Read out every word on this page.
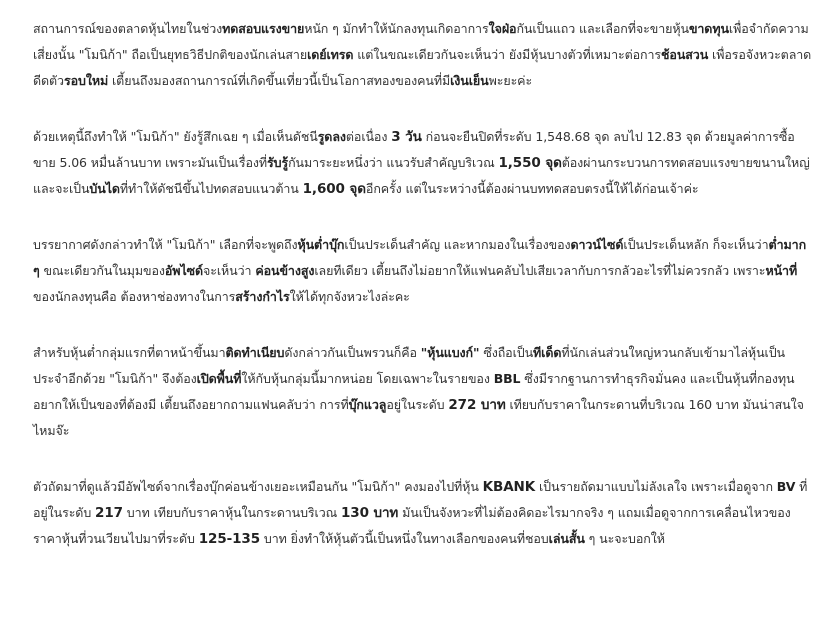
สถานการณ์ของตลาดหุ้นไทยในช่วงทดสอบแรงขายหนัก ๆ มักทำให้นักลงทุนเกิดอาการใจฝ่อกันเป็นแถว และเลือกที่จะขายหุ้นขาดทุนเพื่อจำกัดความเสี่ยงนั้น "โมนิก้า" ถือเป็นยุทธวิธีปกติของนักเล่นสายเดย์เทรด แต่ในขณะเดียวกันจะเห็นว่า ยังมีหุ้นบางตัวที่เหมาะต่อการช้อนสวน เพื่อรอจังหวะตลาดดีดตัวรอบใหม่ เตี้ยนถึงมองสถานการณ์ที่เกิดขึ้นเที่ยวนี้เป็นโอกาสทองของคนที่มีเงินเย็นพะยะค่ะ

ด้วยเหตุนี้ถึงทำให้ "โมนิก้า" ยังรู้สึกเฉย ๆ เมื่อเห็นดัชนีรูดลงต่อเนื่อง 3 วัน ก่อนจะยืนปิดที่ระดับ 1,548.68 จุด ลบไป 12.83 จุด ด้วยมูลค่าการซื้อขาย 5.06 หมื่นล้านบาท เพราะมันเป็นเรื่องที่รับรู้กันมาระยะหนึ่งว่า แนวรับสำคัญบริเวณ 1,550 จุดต้องผ่านกระบวนการทดสอบแรงขายขนานใหญ่ และจะเป็นบันไดที่ทำให้ดัชนีขึ้นไปทดสอบแนวต้าน 1,600 จุดอีกครั้ง แต่ในระหว่างนี้ต้องผ่านบททดสอบตรงนี้ให้ได้ก่อนเจ้าค่ะ

บรรยากาศดังกล่าวทำให้ "โมนิก้า" เลือกที่จะพูดถึงหุ้นต่ำบุ๊กเป็นประเด็นสำคัญ และหากมองในเรื่องของดาวน์ไซด์เป็นประเด็นหลัก ก็จะเห็นว่าต่ำมาก ๆ ขณะเดียวกันในมุมของอัพไซด์จะเห็นว่า ค่อนข้างสูงเลยทีเดียว เตี้ยนถึงไม่อยากให้แฟนคลับไปเสียเวลากับการกลัวอะไรที่ไม่ควรกลัว เพราะหน้าที่ของนักลงทุนคือ ต้องหาช่องทางในการสร้างกำไรให้ได้ทุกจังหวะไงล่ะคะ

สำหรับหุ้นต่ำกลุ่มแรกที่ตาหน้าขึ้นมาติดทำเนียบดังกล่าวกันเป็นพรวนก็คือ "หุ้นแบงก์" ซึ่งถือเป็นทีเด็ดที่นักเล่นส่วนใหญ่หวนกลับเข้ามาไล่หุ้นเป็นประจำอีกด้วย "โมนิก้า" จึงต้องเปิดพื้นที่ให้กับหุ้นกลุ่มนี้มากหน่อย โดยเฉพาะในรายของ BBL ซึ่งมีรากฐานการทำธุรกิจมั่นคง และเป็นหุ้นที่กองทุนอยากให้เป็นของที่ต้องมี เตี้ยนถึงอยากถามแฟนคลับว่า การที่บุ๊กแวลูอยู่ในระดับ 272 บาท เทียบกับราคาในกระดานที่บริเวณ 160 บาท มันน่าสนใจไหมจ๊ะ

ตัวถัดมาที่ดูแล้วมีอัพไซด์จากเรื่องบุ๊กค่อนข้างเยอะเหมือนกัน "โมนิก้า" คงมองไปที่หุ้น KBANK เป็นรายถัดมาแบบไม่ลังเลใจ เพราะเมื่อดูจาก BV ที่อยู่ในระดับ 217 บาท เทียบกับราคาหุ้นในกระดานบริเวณ 130 บาท มันเป็นจังหวะที่ไม่ต้องคิดอะไรมากจริง ๆ แถมเมื่อดูจากการเคลื่อนไหวของราคาหุ้นที่วนเวียนไปมาที่ระดับ 125-135 บาท ยิ่งทำให้หุ้นตัวนี้เป็นหนึ่งในทางเลือกของคนที่ชอบเล่นสั้น ๆ นะจะบอกให้
